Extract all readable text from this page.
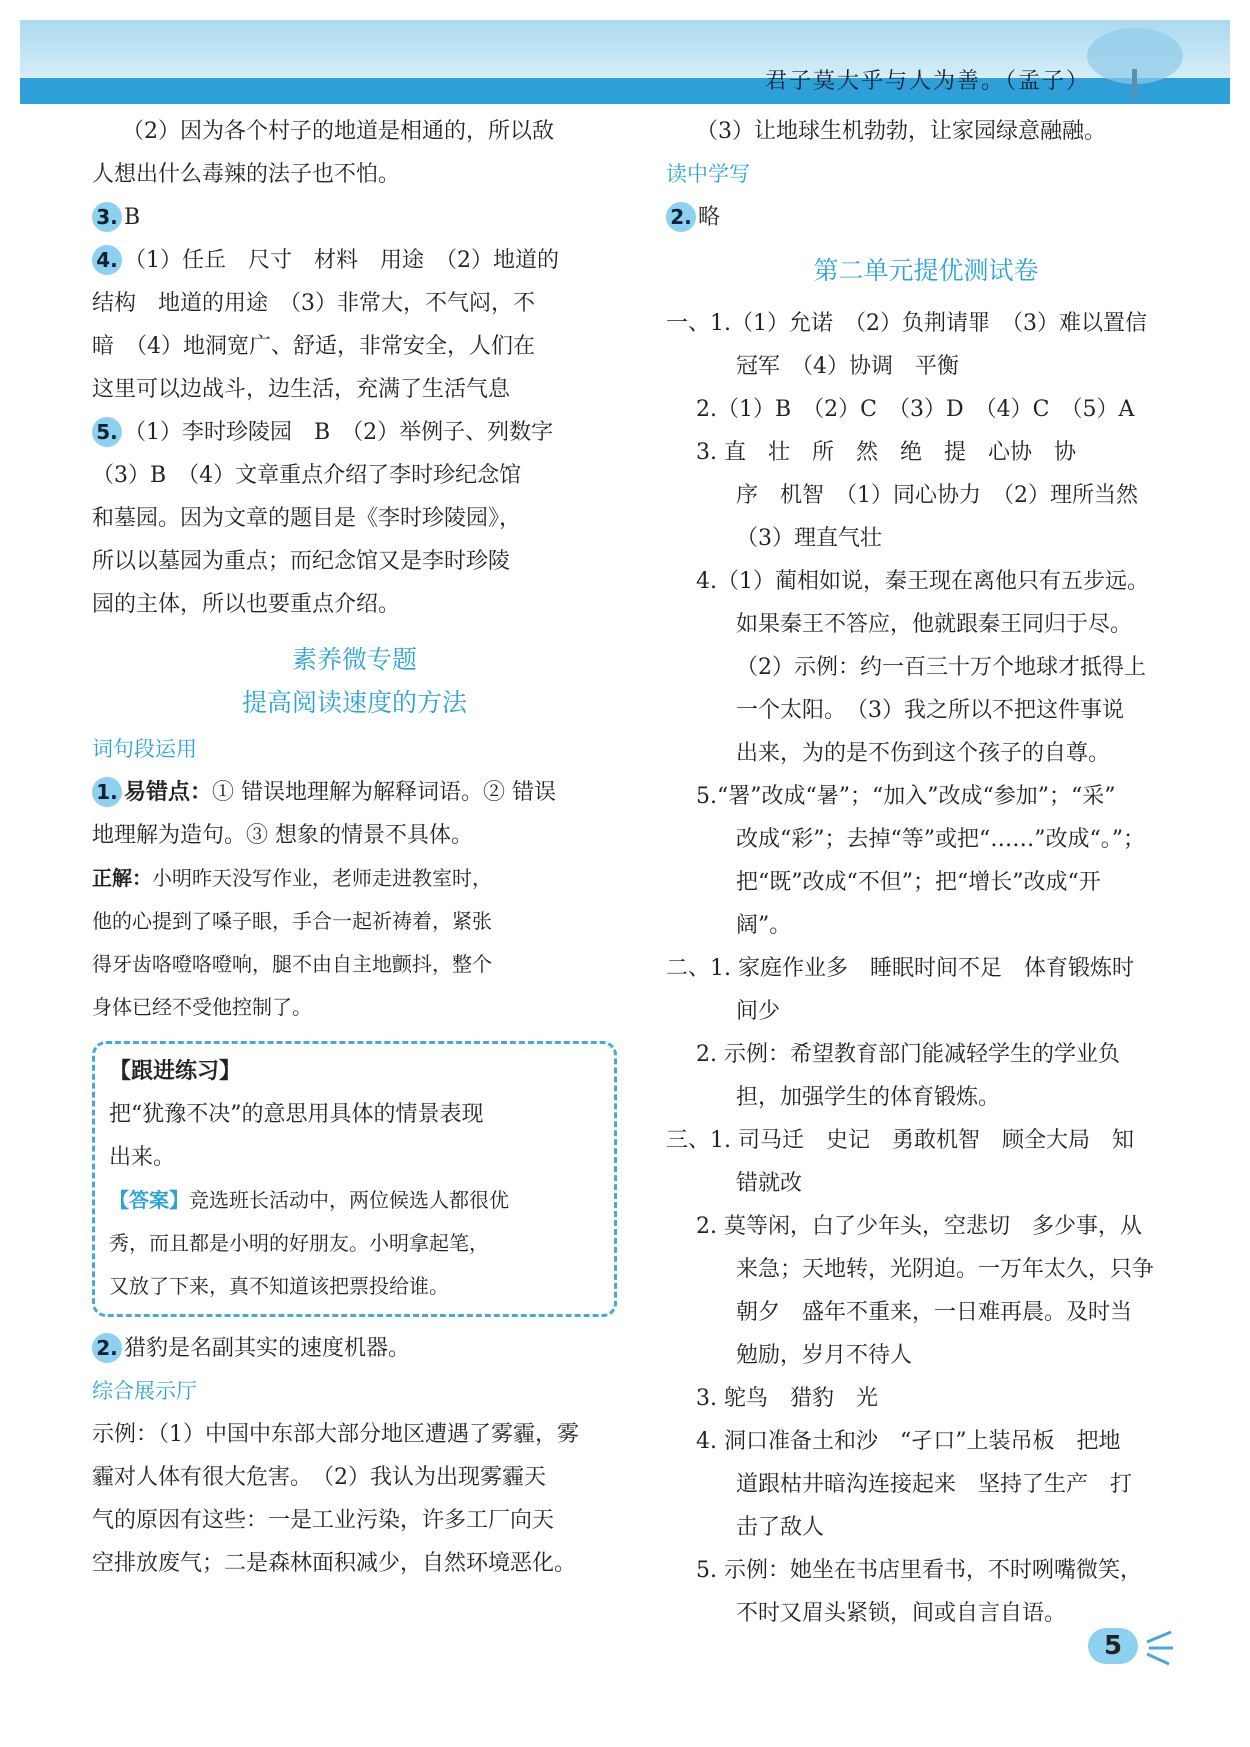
君子莫大乎与人为善。（孟子）
（2）因为各个村子的地道是相通的，所以敌
人想出什么毒辣的法子也不怕。
3. B
4. （1）任丘　尺寸　材料　用途　（2）地道的
结构　地道的用途　（3）非常大，不气闷，不
暗　（4）地洞宽广、舒适，非常安全，人们在
这里可以边战斗，边生活，充满了生活气息
5. （1）李时珍陵园　B　（2）举例子、列数字
（3）B　（4）文章重点介绍了李时珍纪念馆
和墓园。因为文章的题目是《李时珍陵园》，
所以以墓园为重点；而纪念馆又是李时珍陵
园的主体，所以也要重点介绍。
素养微专题
提高阅读速度的方法
词句段运用
1. 易错点：① 错误地理解为解释词语。② 错误
地理解为造句。③ 想象的情景不具体。
正解：小明昨天没写作业，老师走进教室时，
他的心提到了嗓子眼，手合一起祈祷着，紧张
得牙齿咯噔咯噔响，腿不由自主地颤抖，整个
身体已经不受他控制了。
【跟进练习】
把“犹豫不决”的意思用具体的情景表现
出来。
【答案】竞选班长活动中，两位候选人都很优
秀，而且都是小明的好朋友。小明拿起笔，
又放了下来，真不知道该把票投给谁。
2. 猎豹是名副其实的速度机器。
综合展示厅
示例：（1）中国中东部大部分地区遭遇了雾霾，雾
霾对人体有很大危害。　（2）我认为出现雾霾天
气的原因有这些：一是工业污染，许多工厂向天
空排放废气；二是森林面积减少，自然环境恶化。
（3）让地球生机勃勃，让家园绿意融融。
读中学写
2. 略
第二单元提优测试卷
一、1.（1）允诺　（2）负荆请罪　（3）难以置信
冠军　（4）协调　平衡
2.（1）B　（2）C　（3）D　（4）C　（5）A
3. 直　壮　所　然　绝　提　心协　协
序　机智　（1）同心协力　（2）理所当然
（3）理直气壮
4.（1）蔺相如说，秦王现在离他只有五步远。
如果秦王不答应，他就跟秦王同归于尽。
（2）示例：约一百三十万个地球才抵得上
一个太阳。　（3）我之所以不把这件事说
出来，为的是不伤到这个孩子的自尊。
5.“署”改成“暑”；“加入”改成“参加”；“采”
改成“彩”；去掉“等”或把“……”改成“。”；
把“既”改成“不但”；把“增长”改成“开
阔”。
二、1. 家庭作业多　睡眠时间不足　体育锻炼时
间少
2. 示例：希望教育部门能减轻学生的学业负
担，加强学生的体育锻炼。
三、1. 司马迁　史记　勇敢机智　顾全大局　知
错就改
2. 莫等闲，白了少年头，空悲切　多少事，从
来急；天地转，光阴迫。一万年太久，只争
朝夕　盛年不重来，一日难再晨。及时当
勉励，岁月不待人
3. 鸵鸟　猎豹　光
4. 洞口准备土和沙　“孑口”上装吊板　把地
道跟枯井暗沟连接起来　坚持了生产　打
击了敌人
5. 示例：她坐在书店里看书，不时咧嘴微笑，
不时又眉头紧锁，间或自言自语。
5
